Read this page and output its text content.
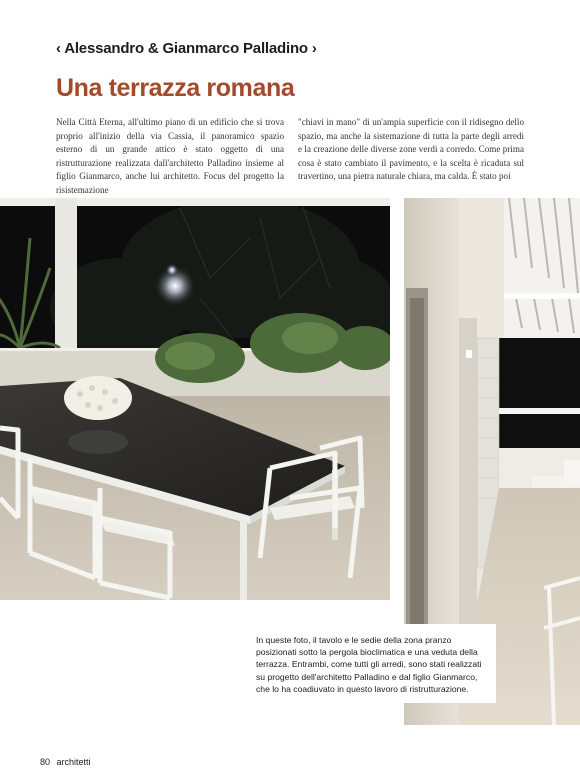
‹ Alessandro & Gianmarco Palladino ›
Una terrazza romana

Nella Città Eterna, all'ultimo piano di un edificio che si trova proprio all'inizio della via Cassia, il panoramico spazio esterno di un grande attico è stato oggetto di una ristrutturazione realizzata dall'architetto Palladino insieme al figlio Gianmarco, anche lui architetto. Focus del progetto la risistemazione

"chiavi in mano" di un'ampia superficie con il ridisegno dello spazio, ma anche la sistemazione di tutta la parte degli arredi e la creazione delle diverse zone verdi a corredo. Come prima cosa è stato cambiato il pavimento, e la scelta è ricaduta sul travertino, una pietra naturale chiara, ma calda. È stato poi

In queste foto, il tavolo e le sedie della zona pranzo posizionati sotto la pergola bioclimatica e una veduta della terrazza. Entrambi, come tutti gli arredi, sono stati realizzati su progetto dell'architetto Palladino e dal figlio Gianmarco, che lo ha coadiuvato in questo lavoro di ristrutturazione.
80 architetti
